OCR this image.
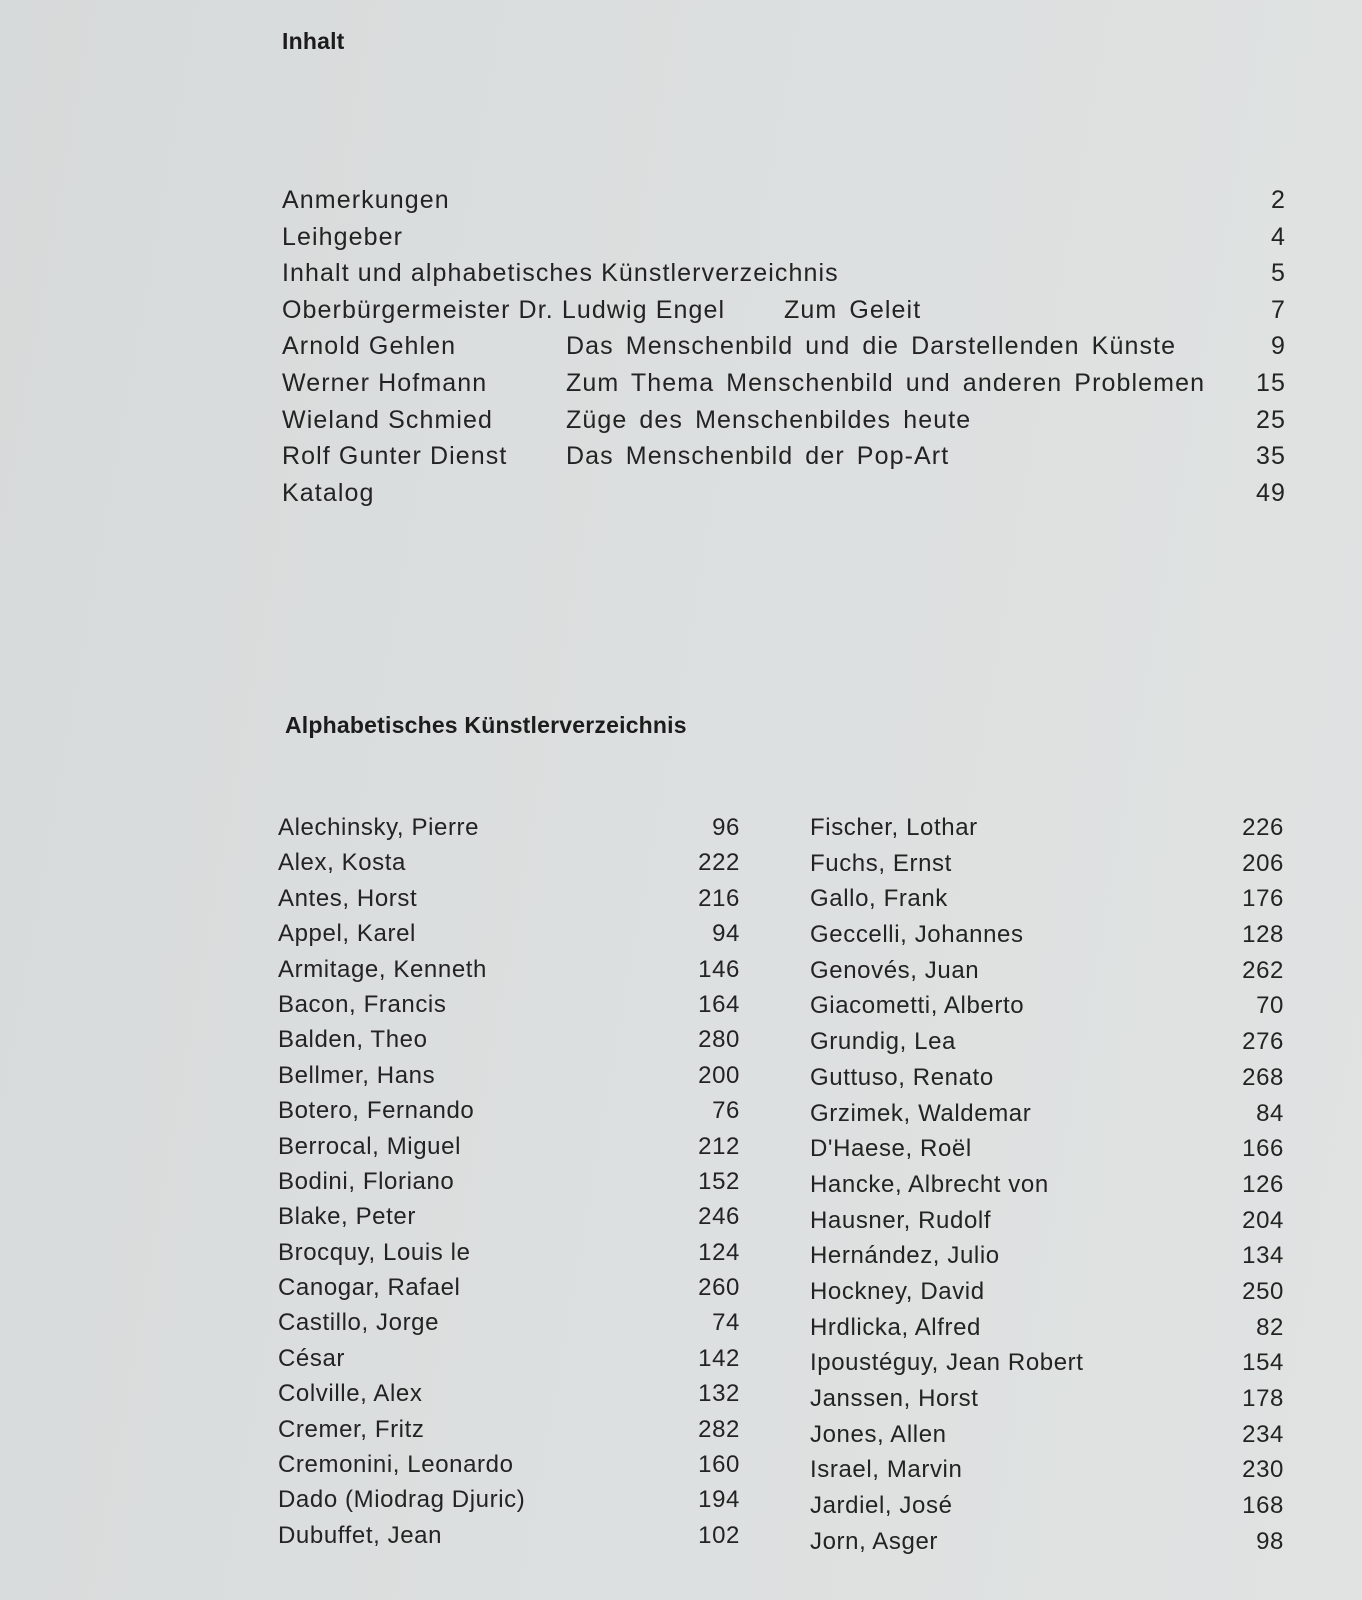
Inhalt
Anmerkungen	2
Leihgeber	4
Inhalt und alphabetisches Künstlerverzeichnis	5
Oberbürgermeister Dr. Ludwig Engel Zum Geleit	7
Arnold Gehlen	Das Menschenbild und die Darstellenden Künste	9
Werner Hofmann	Zum Thema Menschenbild und anderen Problemen 15
Wieland Schmied	Züge des Menschenbildes heute	25
Rolf Gunter Dienst Das Menschenbild der Pop-Art	35
Katalog	49
Alphabetisches Künstlerverzeichnis
Alechinsky, Pierre	96
Alex, Kosta	222
Antes, Horst	216
Appel, Karel	94
Armitage, Kenneth	146
Bacon, Francis	164
Balden, Theo	280
Bellmer, Hans	200
Botero, Fernando	76
Berrocal, Miguel	212
Bodini, Floriano	152
Blake, Peter	246
Brocquy, Louis le	124
Canogar, Rafael	260
Castillo, Jorge	74
César	142
Colville, Alex	132
Cremer, Fritz	282
Cremonini, Leonardo	160
Dado (Miodrag Djuric)	194
Dubuffet, Jean	102
Fischer, Lothar	226
Fuchs, Ernst	206
Gallo, Frank	176
Geccelli, Johannes	128
Genovés, Juan	262
Giacometti, Alberto	70
Grundig, Lea	276
Guttuso, Renato	268
Grzimek, Waldemar	84
D'Haese, Roël	166
Hancke, Albrecht von	126
Hausner, Rudolf	204
Hernández, Julio	134
Hockney, David	250
Hrdlicka, Alfred	82
Ipoustéguy, Jean Robert	154
Janssen, Horst	178
Jones, Allen	234
Israel, Marvin	230
Jardiel, José	168
Jorn, Asger	98
